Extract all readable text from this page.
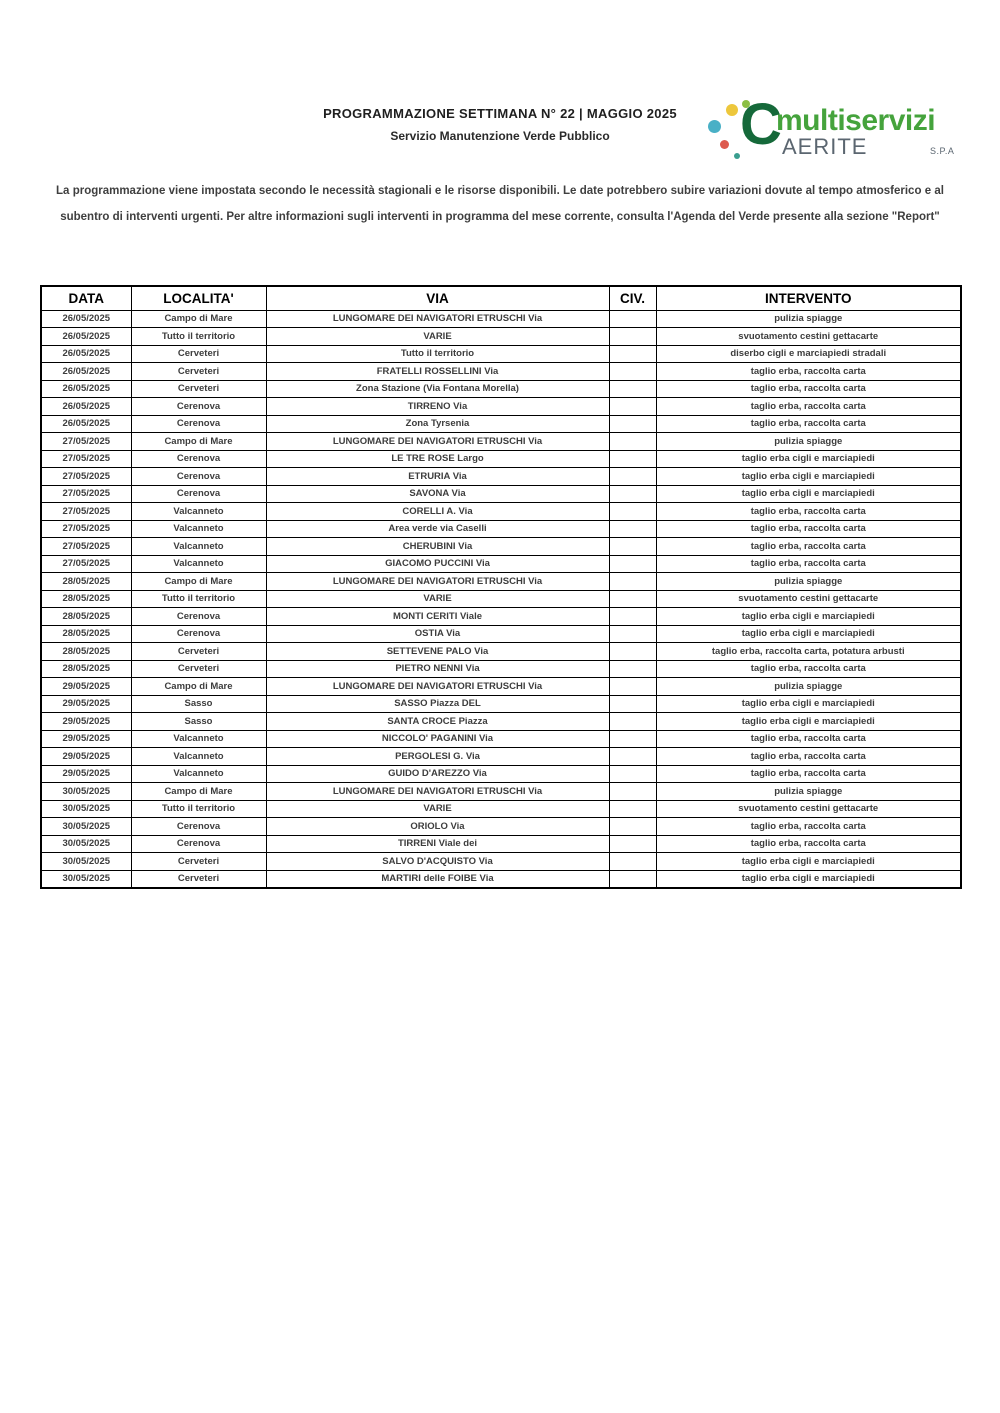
PROGRAMMAZIONE SETTIMANA N° 22 | MAGGIO 2025
Servizio Manutenzione Verde Pubblico	C
multiservizi
AERITE	S.P.A
La programmazione viene impostata secondo le necessità stagionali e le risorse disponibili. Le date potrebbero subire variazioni dovute al tempo atmosferico e al subentro di interventi urgenti. Per altre informazioni sugli interventi in programma del mese corrente, consulta l'Agenda del Verde presente alla sezione "Report"
DATA	LOCALITA'	VIA	CIV.	INTERVENTO
26/05/2025	Campo di Mare	LUNGOMARE DEI NAVIGATORI ETRUSCHI Via		pulizia spiagge
26/05/2025	Tutto il territorio	VARIE		svuotamento cestini gettacarte
26/05/2025	Cerveteri	Tutto il territorio		diserbo cigli e marciapiedi stradali
26/05/2025	Cerveteri	FRATELLI ROSSELLINI Via		taglio erba, raccolta carta
26/05/2025	Cerveteri	Zona Stazione (Via Fontana Morella)		taglio erba, raccolta carta
26/05/2025	Cerenova	TIRRENO Via		taglio erba, raccolta carta
26/05/2025	Cerenova	Zona Tyrsenia		taglio erba, raccolta carta
27/05/2025	Campo di Mare	LUNGOMARE DEI NAVIGATORI ETRUSCHI Via		pulizia spiagge
27/05/2025	Cerenova	LE TRE ROSE Largo		taglio erba cigli e marciapiedi
27/05/2025	Cerenova	ETRURIA Via		taglio erba cigli e marciapiedi
27/05/2025	Cerenova	SAVONA Via		taglio erba cigli e marciapiedi
27/05/2025	Valcanneto	CORELLI A. Via		taglio erba, raccolta carta
27/05/2025	Valcanneto	Area verde via Caselli		taglio erba, raccolta carta
27/05/2025	Valcanneto	CHERUBINI Via		taglio erba, raccolta carta
27/05/2025	Valcanneto	GIACOMO PUCCINI Via		taglio erba, raccolta carta
28/05/2025	Campo di Mare	LUNGOMARE DEI NAVIGATORI ETRUSCHI Via		pulizia spiagge
28/05/2025	Tutto il territorio	VARIE		svuotamento cestini gettacarte
28/05/2025	Cerenova	MONTI CERITI Viale		taglio erba cigli e marciapiedi
28/05/2025	Cerenova	OSTIA Via		taglio erba cigli e marciapiedi
28/05/2025	Cerveteri	SETTEVENE PALO Via		taglio erba, raccolta carta, potatura arbusti
28/05/2025	Cerveteri	PIETRO NENNI Via		taglio erba, raccolta carta
29/05/2025	Campo di Mare	LUNGOMARE DEI NAVIGATORI ETRUSCHI Via		pulizia spiagge
29/05/2025	Sasso	SASSO Piazza DEL		taglio erba cigli e marciapiedi
29/05/2025	Sasso	SANTA CROCE Piazza		taglio erba cigli e marciapiedi
29/05/2025	Valcanneto	NICCOLO' PAGANINI Via		taglio erba, raccolta carta
29/05/2025	Valcanneto	PERGOLESI G. Via		taglio erba, raccolta carta
29/05/2025	Valcanneto	GUIDO D'AREZZO Via		taglio erba, raccolta carta
30/05/2025	Campo di Mare	LUNGOMARE DEI NAVIGATORI ETRUSCHI Via		pulizia spiagge
30/05/2025	Tutto il territorio	VARIE		svuotamento cestini gettacarte
30/05/2025	Cerenova	ORIOLO Via		taglio erba, raccolta carta
30/05/2025	Cerenova	TIRRENI Viale dei		taglio erba, raccolta carta
30/05/2025	Cerveteri	SALVO D'ACQUISTO Via		taglio erba cigli e marciapiedi
30/05/2025	Cerveteri	MARTIRI delle FOIBE Via		taglio erba cigli e marciapiedi
